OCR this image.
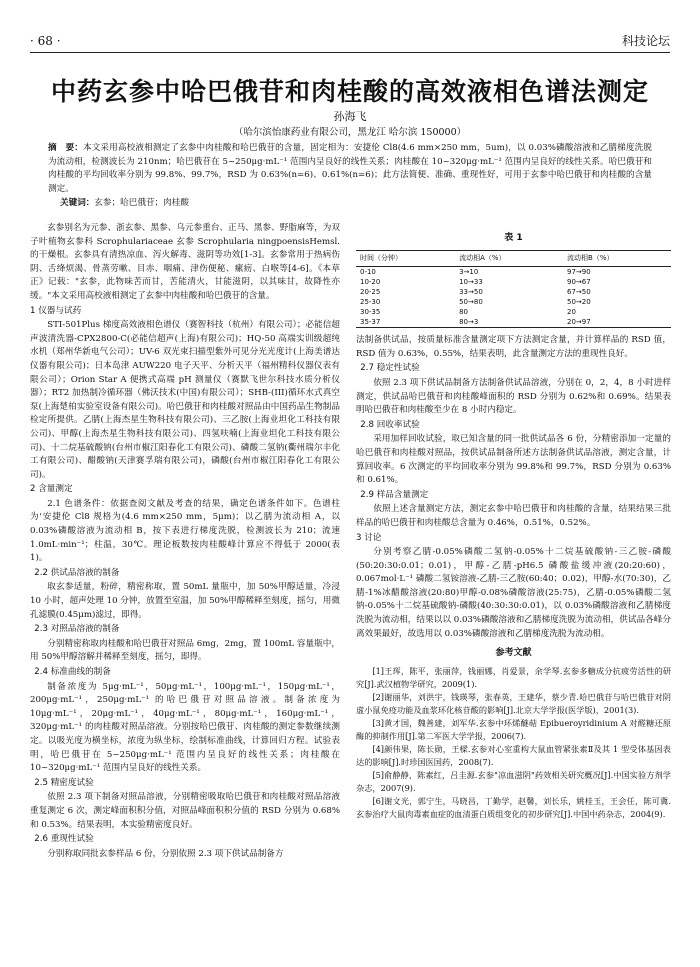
· 68 ·	科技论坛
中药玄参中哈巴俄苷和肉桂酸的高效液相色谱法测定
孙海飞
（哈尔滨怡康药业有限公司，黑龙江 哈尔滨 150000）
摘　要：本文采用高校液相测定了玄参中肉桂酸和哈巴俄苷的含量，固定相为：安捷伦 Cl8(4.6 mm×250 mm，5um)，以 0.03%磷酸溶液和乙腈梯度洗脱为流动相，检测波长为 210nm；哈巴俄苷在 5~250μg·mL⁻¹ 范围内呈良好的线性关系；肉桂酸在 10~320μg·mL⁻¹ 范围内呈良好的线性关系。哈巴俄苷和肉桂酸的平均回收率分别为 99.8%、99.7%，RSD 为 0.63%(n=6)、0.61%(n=6)；此方法简便、准确、重现性好，可用于玄参中哈巴俄苷和肉桂酸的含量测定。
关键词：玄参；哈巴俄苷；肉桂酸

玄参别名为元参、浙玄参、黑参、乌元参重台、正马、黑参、野脂麻等，为双子叶植物玄参科 Scrophulariaceae 玄参 Scrophularia ningpoensisHemsl. 的干燥根。玄参具有清热凉血、泻火解毒、滋阴等功效[1-3]。玄参常用于热病伤阴、舌绛烦渴、骨蒸劳嗽、目赤、咽痛、津伤便秘、瘰疬、白喉等[4-6]。《本草正》记载："玄参，此物味苦而甘，苦能清火，甘能滋阴，以其味甘，故降性亦缓。"本文采用高校液相测定了玄参中肉桂酸和哈巴俄苷的含量。

1 仪器与试药

STI-501Plus 梯度高效液相色谱仪（赛智科技（杭州）有限公司）；必能信超声波清洗器-CPX2800-C(必能信超声(上海)有限公司)；HQ-50 高端实训级超纯水机（郑州华新电气公司）；UV-6 双光束扫描型紫外可见分光光度计(上海美谱达仪器有限公司)；日本岛津 AUW220 电子天平、分析天平（福州精科仪器仪表有限公司）；Orion Star A 便携式高端 pH 测量仪（赛默飞世尔科技水质分析仪器）；RT2 加热制冷循环器（佛沃技术(中国)有限公司）；SHB-(III)循环水式真空泵(上海楚柏实验室设备有限公司)。哈巴俄苷和肉桂酸对照品由中国药品生物制品检定所提供。乙腈(上海杰星生物科技有限公司)、三乙胺(上海业坦化工科技有限公司)、甲醇(上海杰星生物科技有限公司)、四氢呋喃(上海业坦化工科技有限公司)、十二烷基硫酸钠(台州市椒江阳春化工有限公司)、磷酸二氢钠(衢州瑞尔丰化工有限公司)、醋酸钠(天津赛孚瑞有限公司)，磷酸(台州市椒江阳春化工有限公司)。

2 含量测定

2.1 色谱条件：依据查阅文献及考查的结果，确定色谱条件如下。色谱柱为'安捷伦 Cl8 规格为(4.6 mm×250 mm，5μm)；以乙腈为流动相 A，以 0.03%磷酸溶液为流动相 B，按下表进行梯度洗脱，检测波长为 210；流速 1.0mL·min⁻¹；柱温，30℃。理论板数按肉桂酸峰计算应不得低于 2000(表 1)。

2.2 供试品溶液的制备

取玄参适量，粉碎，精密称取，置 50mL 量瓶中，加 50%甲醇适量，冷浸 10 小时，超声处理 10 分钟，放置至室温，加 50%甲醇稀释至刻度，摇匀，用微孔滤膜(0.45μm)滤过，即得。

2.3 对照品溶液的制备

分别精密称取肉桂酸和哈巴俄苷对照品 6mg，2mg，置 100mL 容量瓶中，用 50%甲醇溶解并稀释至刻度，摇匀，即得。

2.4 标准曲线的制备

制备浓度为 5μg·mL⁻¹，50μg·mL⁻¹，100μg·mL⁻¹，150μg·mL⁻¹，200μg·mL⁻¹，250μg·mL⁻¹ 的哈巴俄苷对照品溶液。制备浓度为 10μg·mL⁻¹，20μg·mL⁻¹，40μg·mL⁻¹，80μg·mL⁻¹，160μg·mL⁻¹，320μg·mL⁻¹ 的肉桂酸对照品溶液。分别按哈巴俄苷、肉桂酸的测定参数继续测定。以吸光度为横坐标，浓度为纵坐标，绘制标准曲线，计算回归方程。试验表明，哈巴俄苷在 5~250μg·mL⁻¹ 范围内呈良好的线性关系；肉桂酸在 10~320μg·mL⁻¹ 范围内呈良好的线性关系。

2.5 精密度试验

依照 2.3 项下制备对照品溶液，分别精密吸取哈巴俄苷和肉桂酸对照品溶液重复测定 6 次，测定峰面积积分值，对照品峰面积积分值的 RSD 分别为 0.68%和 0.53%。结果表明，本实验精密度良好。

2.6 重现性试验

分别称取同批玄参样品 6 份，分别依照 2.3 项下供试品制备方

表 1
时间（分钟）	流动相A（%）	流动相B（%）
0-10	3→10	97→90
10-20	10→33	90→67
20-25	33→50	67→50
25-30	50→80	50→20
30-35	80	20
35-37	80→3	20→97

法制备供试品，按质量标准含量测定项下方法测定含量，并计算样品的 RSD 值，RSD 值为 0.63%，0.55%，结果表明，此含量测定方法的重现性良好。

2.7 稳定性试验

依照 2.3 项下供试品制备方法制备供试品溶液，分别在 0，2，4，8 小时进样测定，供试品哈巴俄苷和肉桂酸峰面积的 RSD 分别为 0.62%和 0.69%。结果表明哈巴俄苷和肉桂酸至少在 8 小时内稳定。

2.8 回收率试验

采用加样回收试验，取已知含量的同一批供试品各 6 份，分精密添加一定量的哈巴俄苷和肉桂酸对照品，按供试品制备所述方法制备供试品溶液，测定含量，计算回收率。6 次测定的平均回收率分别为 99.8%和 99.7%，RSD 分别为 0.63%和 0.61%。

2.9 样品含量测定

依照上述含量测定方法，测定玄参中哈巴俄苷和肉桂酸的含量，结果结果三批样品的哈巴俄苷和肉桂酸总含量为 0.46%，0.51%，0.52%。

3 讨论

分别考察乙腈-0.05%磷酸二氢钠-0.05%十二烷基硫酸钠-三乙胺-磷酸(50:20:30:0.01；0.01)，甲醇-乙腈-pH6.5 磷酸盐缓冲液(20:20:60)，0.067mol·L⁻¹ 磷酸二氢铵溶液-乙腈-三乙胺(60:40；0.02)，甲醇-水(70:30)，乙腈-1%冰醋酸溶液(20:80)甲醇-0.08%磷酸溶液(25:75)，乙腈-0.05%磷酸二氢钠-0.05%十二烷基硫酸钠-磷酸(40:30:30:0.01)，以 0.03%磷酸溶液和乙腈梯度洗脱为流动相，结果以以 0.03%磷酸溶液和乙腈梯度洗脱为流动相，供试品各峰分离效果最好，故选用以 0.03%磷酸溶液和乙腈梯度洗脱为流动相。

参考文献

[1]王珲，陈平，张丽萍，钱丽娜，肖爱景，余学琴.玄参多糖成分抗疲劳活性的研究[J].武汉植物学研究，2009(1).

[2]谢丽华，刘洪宇，钱瑛琴，张春英，王建华，蔡少青.哈巴俄苷与哈巴俄苷对阴虚小鼠免疫功能及血浆环化核苷酸的影响[J].北京大学学报(医学版)，2001(3).

[3]黄才国，魏善建，刘军华.玄参中环烯醚萜 Epibueroyridinium A 对醛糖还原酶的抑制作用[J].第二军医大学学报，2006(7).

[4]颜伟果，陈长勋，王樑.玄参对心室重构大鼠血管紧张素Ⅱ及其 1 型受体基因表达的影响[J].时珍国医国药，2008(7).

[5]俞静静，陈素红，吕圭源.玄参"凉血滋阴"药效相关研究概况[J].中国实验方剂学杂志，2007(9).

[6]谢文光，郭宁生，马晓昌，丁勤学，赵馨，刘长乐，姚桂玉，王会任，陈可冀.玄参治疗大鼠肉毒素血症的血清蛋白质组变化的初步研究[J].中国中药杂志，2004(9).
